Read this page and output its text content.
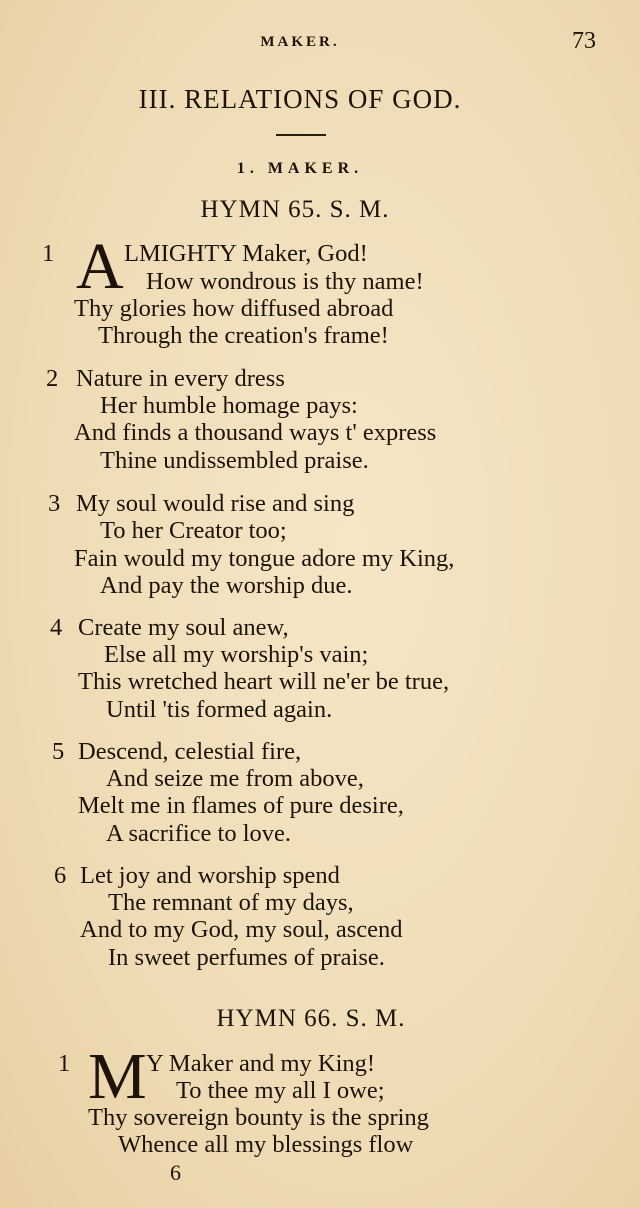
MAKER.	73
III. RELATIONS OF GOD.
1. MAKER.
HYMN 65. S. M.
1 A LMIGHTY Maker, God!
How wondrous is thy name!
Thy glories how diffused abroad
Through the creation's frame!
2 Nature in every dress
Her humble homage pays:
And finds a thousand ways t' express
Thine undissembled praise.
3 My soul would rise and sing
To her Creator too;
Fain would my tongue adore my King,
And pay the worship due.
4 Create my soul anew,
Else all my worship's vain;
This wretched heart will ne'er be true,
Until 'tis formed again.
5 Descend, celestial fire,
And seize me from above,
Melt me in flames of pure desire,
A sacrifice to love.
6 Let joy and worship spend
The remnant of my days,
And to my God, my soul, ascend
In sweet perfumes of praise.
HYMN 66. S. M.
1 M Y Maker and my King!
To thee my all I owe;
Thy sovereign bounty is the spring
Whence all my blessings flow
6
